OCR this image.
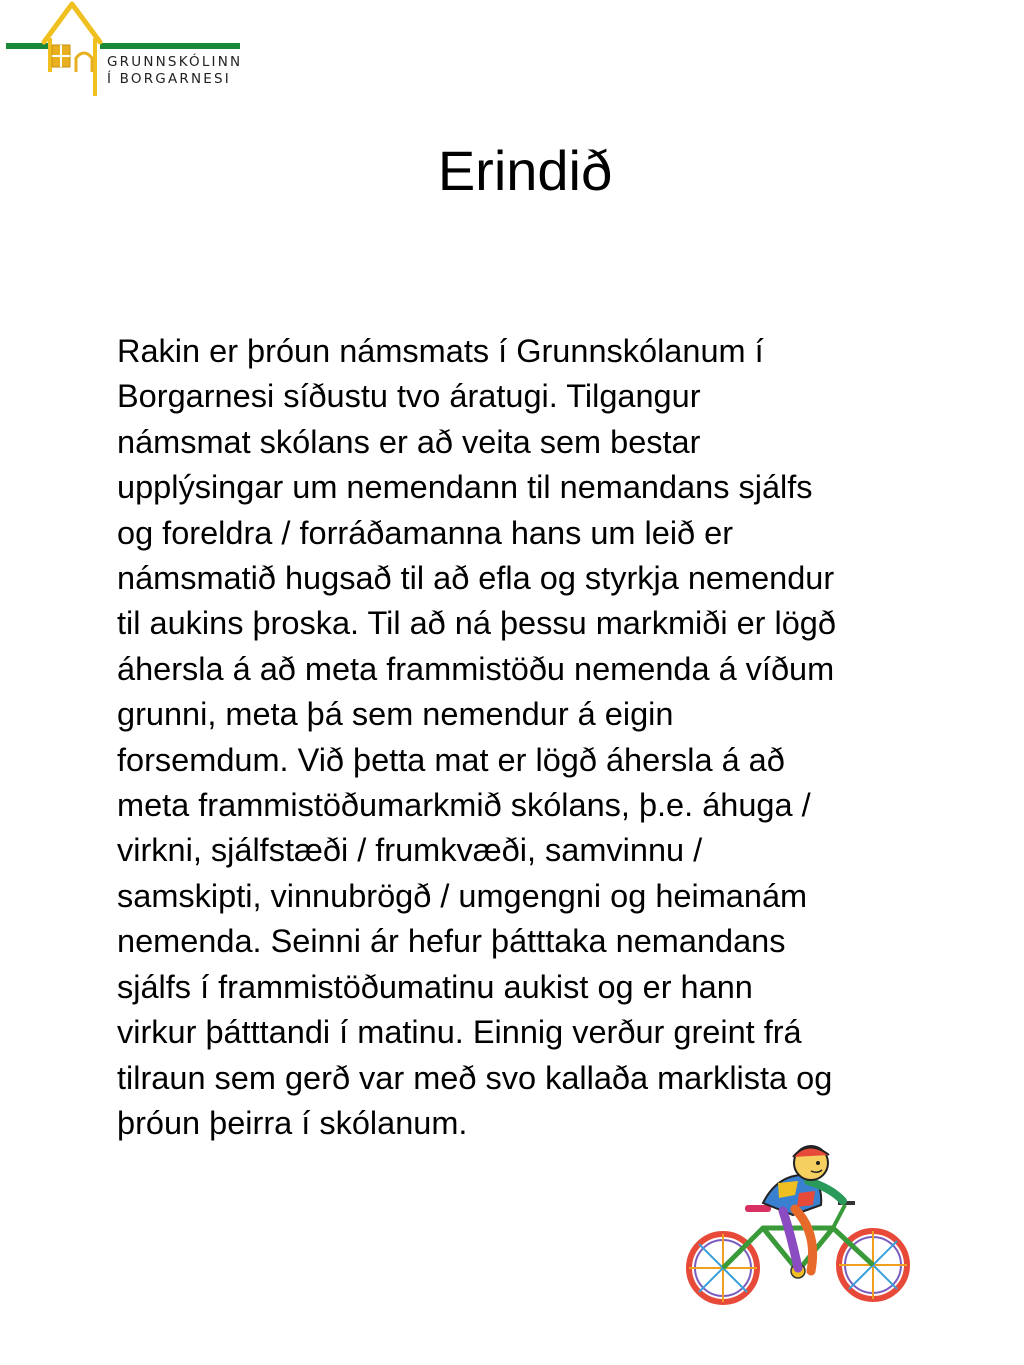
GRUNNSKÓLINN
Í BORGARNESI
Erindið
Rakin er þróun námsmats í Grunnskólanum í
Borgarnesi síðustu tvo áratugi. Tilgangur
námsmat skólans er að veita sem bestar
upplýsingar um nemendann til nemandans sjálfs
og foreldra / forráðamanna hans um leið er
námsmatið hugsað til að efla og styrkja nemendur
til aukins þroska. Til að ná þessu markmiði er lögð
áhersla á að meta frammistöðu nemenda á víðum
grunni, meta þá sem nemendur á eigin
forsemdum. Við þetta mat er lögð áhersla á að
meta frammistöðumarkmið skólans, þ.e. áhuga /
virkni, sjálfstæði / frumkvæði, samvinnu /
samskipti, vinnubrögð / umgengni og heimanám
nemenda. Seinni ár hefur þátttaka nemandans
sjálfs í frammistöðumatinu aukist og er hann
virkur þátttandi í matinu. Einnig verður greint frá
tilraun sem gerð var með svo kallaða marklista og
þróun þeirra í skólanum.
